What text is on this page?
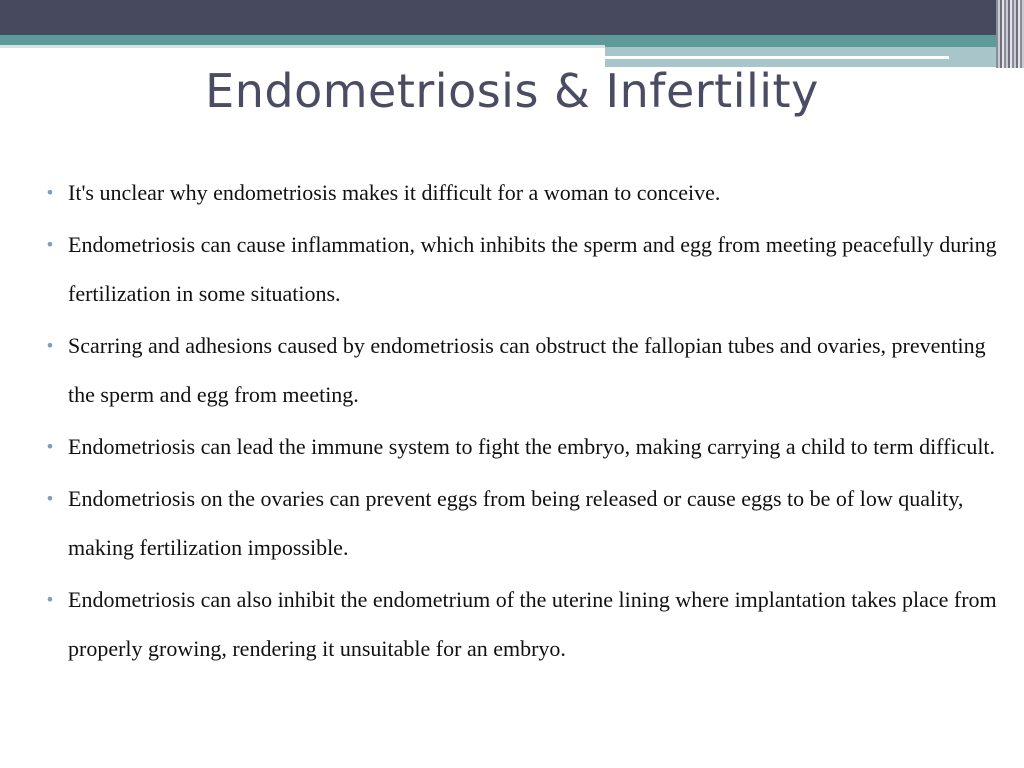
Endometriosis & Infertility
• It's unclear why endometriosis makes it difficult for a woman to conceive.
• Endometriosis can cause inflammation, which inhibits the sperm and egg from meeting peacefully during fertilization in some situations.
• Scarring and adhesions caused by endometriosis can obstruct the fallopian tubes and ovaries, preventing the sperm and egg from meeting.
• Endometriosis can lead the immune system to fight the embryo, making carrying a child to term difficult.
• Endometriosis on the ovaries can prevent eggs from being released or cause eggs to be of low quality, making fertilization impossible.
• Endometriosis can also inhibit the endometrium of the uterine lining where implantation takes place from properly growing, rendering it unsuitable for an embryo.
